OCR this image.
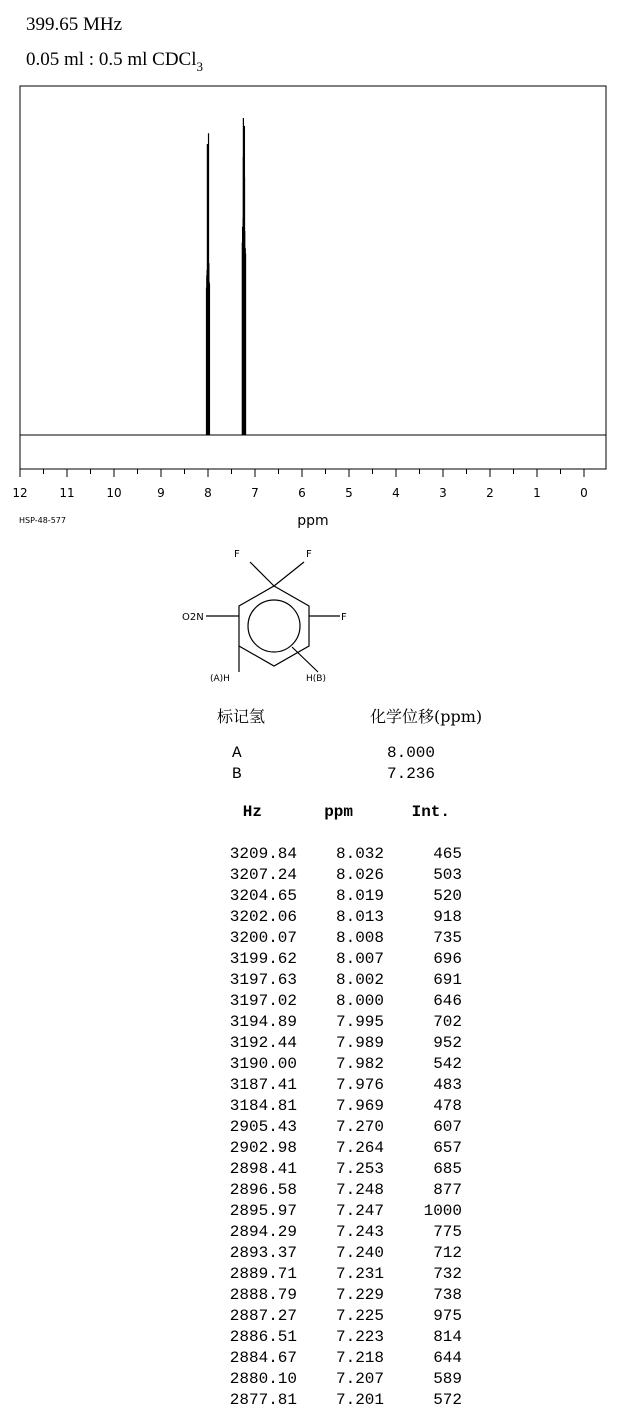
399.65 MHz
0.05 ml : 0.5 ml CDCl$_3$
12	11	10	9	8	7	6	5	4	3	2	1	0
ppm
HSP-48-577
F	F
F
O2N
(A)H	H(B)
标记氢	化学位移(ppm)
A	8.000
B	7.236
Hz	ppm	Int.
3209.84 8.032	465
3207.24 8.026	503
3204.65 8.019	520
3202.06 8.013	918
3200.07 8.008	735
3199.62 8.007	696
3197.63 8.002	691
3197.02 8.000	646
3194.89 7.995	702
3192.44 7.989	952
3190.00 7.982	542
3187.41 7.976	483
3184.81 7.969	478
2905.43 7.270	607
2902.98 7.264	657
2898.41 7.253	685
2896.58 7.248	877
2895.97 7.247 1000
2894.29 7.243	775
2893.37 7.240	712
2889.71 7.231	732
2888.79 7.229	738
2887.27 7.225	975
2886.51 7.223	814
2884.67 7.218	644
2880.10 7.207	589
2877.81 7.201	572
